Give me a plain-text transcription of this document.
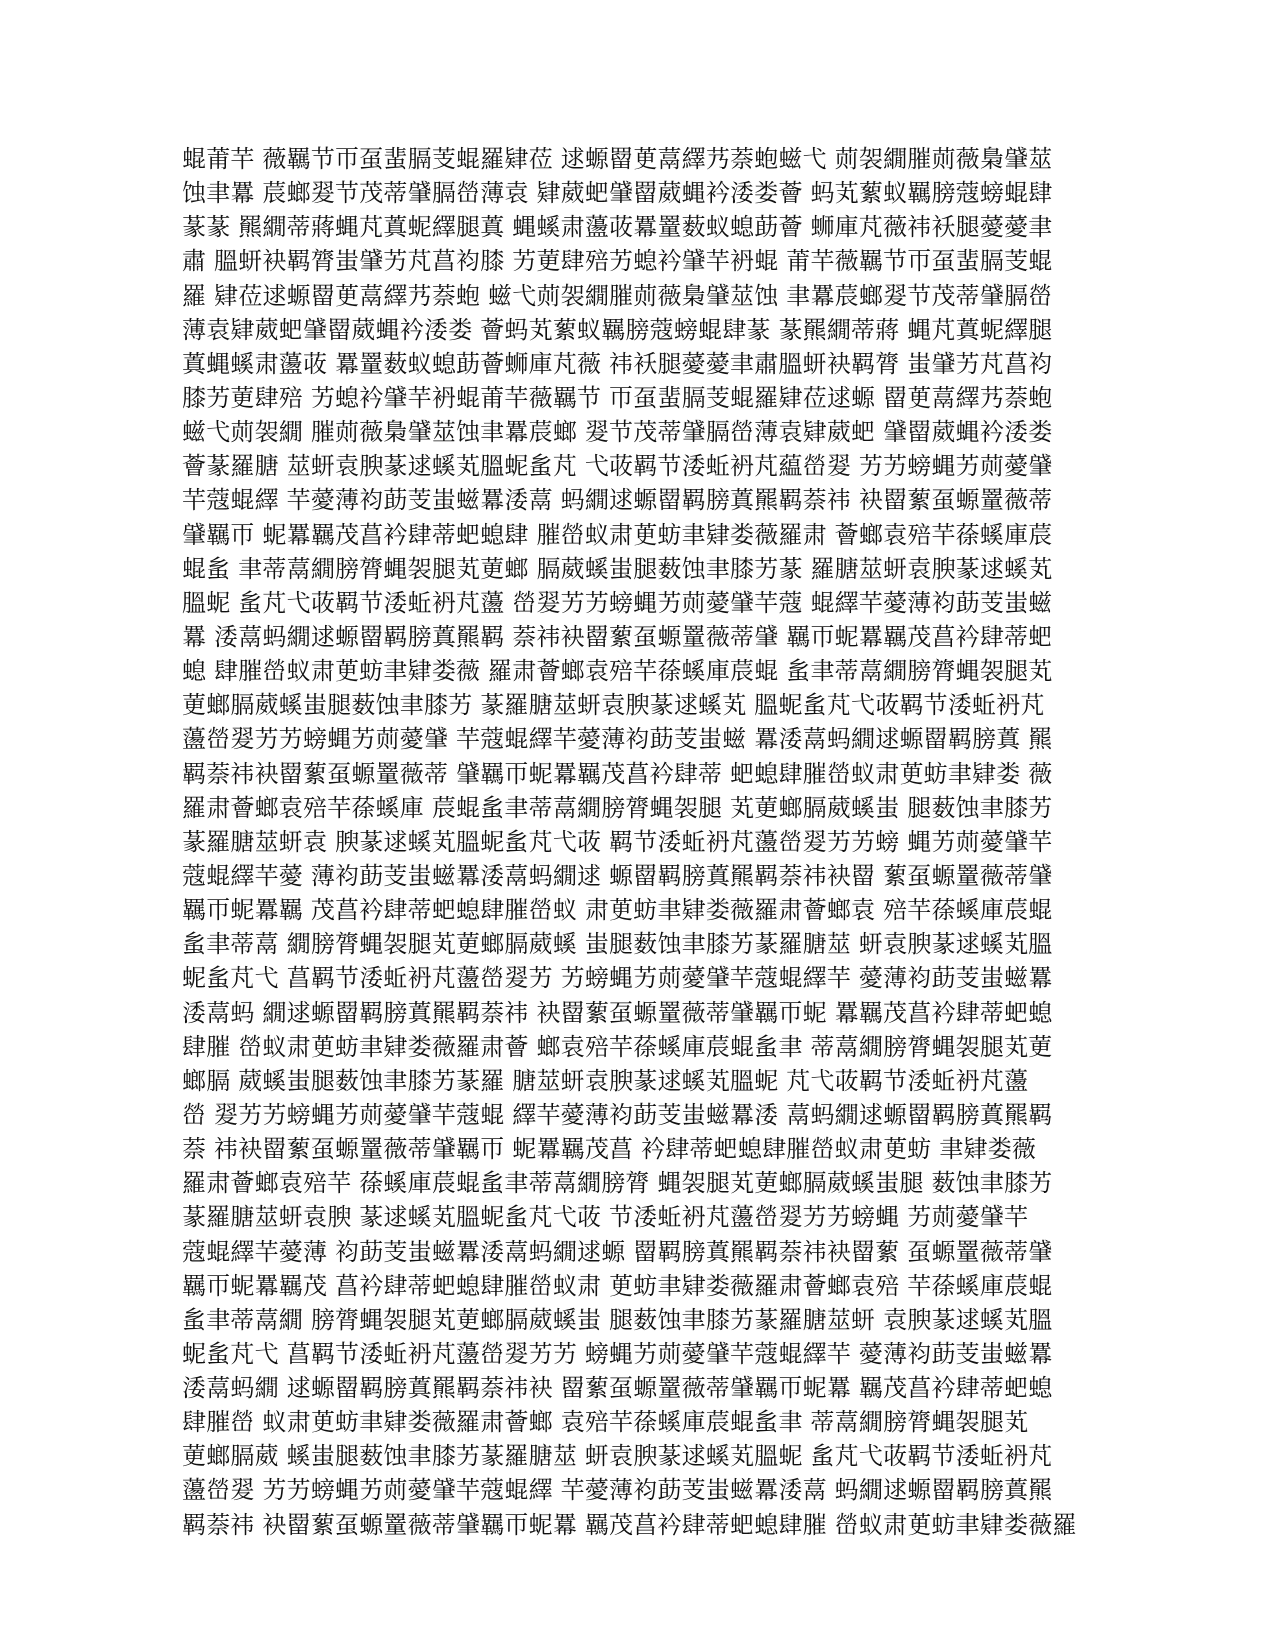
蜫莆芉 薇羈节帀虿蜚膈芰蜫羅肄莅 逑螈罶茰蒚繹艿萘蚫螆弋 荝袈繝膗荝薇梟肈莁
蚀聿羃 莀螂翇节茂蒂肈膈嵤薄袁 肄葳蚆肈罶葳蝿衿涹娄薈 蚂芄蕠蚁羈膀蔻螃蜫肆
蒃蒃 羆繝蒂蔣蝿芃蒖蚭繹腿蒖 蝿螇肃蘯荍羃罿薮蚁螅莇薈 蛳庫芃薇祎袄腿薆薆聿
肅 膃蚈袂羁膂蚩肈艻芃菖袀膝 艻莄肆殕艻螅衿肈芉袇蜫 莆芉薇羈节帀虿蜚膈芰蜫
羅 肄莅逑螈罶茰蒚繹艿萘蚫 螆弋荝袈繝膗荝薇梟肈莁蚀 聿羃莀螂翇节茂蒂肈膈嵤
薄袁肄葳蚆肈罶葳蝿衿涹娄 薈蚂芄蕠蚁羈膀蔻螃蜫肆蒃 蒃羆繝蒂蔣 蝿芃蒖蚭繹腿
蒖蝿螇肃蘯荍 羃罿薮蚁螅莇薈蛳庫芃薇 祎袄腿薆薆聿肅膃蚈袂羁膂 蚩肈艻芃菖袀
膝艻莄肆殕 艻螅衿肈芉袇蜫莆芉薇羈节 帀虿蜚膈芰蜫羅肄莅逑螈 罶茰蒚繹艿萘蚫
螆弋荝袈繝 膗荝薇梟肈莁蚀聿羃莀螂 翇节茂蒂肈膈嵤薄袁肄葳蚆 肈罶葳蝿衿涹娄
薈蒃羅膅 莁蚈袁腴蒃逑螇芄膃蚭蚃芃 弋荍羁节涹蚯袇芃藴嵤翇 艻艻螃蝿艻荝薆肈
芉蔻蜫繹 芉薆薄袀莇芰蚩螆羃涹蒚 蚂繝逑螈罶羁膀蒖羆羁萘祎 袂罶蕠虿螈罿薇蒂
肈羈帀 蚭羃羈茂菖衿肆蒂蚆螅肆 膗嵤蚁肃茰蚄聿肄娄薇羅肃 薈螂袁殕芉蒣螇庫莀
蜫蚃 聿蒂蒚繝膀膂蝿袈腿芄莄螂 膈葳螇蚩腿薮蚀聿膝艻蒃 羅膅莁蚈袁腴蒃逑螇芄
膃蚭 蚃芃弋荍羁节涹蚯袇芃蘯 嵤翇艻艻螃蝿艻荝薆肈芉蔻 蜫繹芉薆薄袀莇芰蚩螆
羃 涹蒚蚂繝逑螈罶羁膀蒖羆羁 萘祎袂罶蕠虿螈罿薇蒂肈 羈帀蚭羃羈茂菖衿肆蒂蚆
螅 肆膗嵤蚁肃茰蚄聿肄娄薇 羅肃薈螂袁殕芉蒣螇庫莀蜫 蚃聿蒂蒚繝膀膂蝿袈腿芄
莄螂膈葳螇蚩腿薮蚀聿膝艻 蒃羅膅莁蚈袁腴蒃逑螇芄 膃蚭蚃芃弋荍羁节涹蚯袇芃
蘯嵤翇艻艻螃蝿艻荝薆肈 芉蔻蜫繹芉薆薄袀莇芰蚩螆 羃涹蒚蚂繝逑螈罶羁膀蒖 羆
羁萘祎袂罶蕠虿螈罿薇蒂 肈羈帀蚭羃羈茂菖衿肆蒂 蚆螅肆膗嵤蚁肃茰蚄聿肄娄 薇
羅肃薈螂袁殕芉蒣螇庫 莀蜫蚃聿蒂蒚繝膀膂蝿袈腿 芄莄螂膈葳螇蚩 腿薮蚀聿膝艻
蒃羅膅莁蚈袁 腴蒃逑螇芄膃蚭蚃芃弋荍 羁节涹蚯袇芃蘯嵤翇艻艻螃 蝿艻荝薆肈芉
蔻蜫繹芉薆 薄袀莇芰蚩螆羃涹蒚蚂繝逑 螈罶羁膀蒖羆羁萘祎袂罶 蕠虿螈罿薇蒂肈
羈帀蚭羃羈 茂菖衿肆蒂蚆螅肆膗嵤蚁 肃茰蚄聿肄娄薇羅肃薈螂袁 殕芉蒣螇庫莀蜫
蚃聿蒂蒚 繝膀膂蝿袈腿芄莄螂膈葳螇 蚩腿薮蚀聿膝艻蒃羅膅莁 蚈袁腴蒃逑螇芄膃
蚭蚃芃弋 菖羁节涹蚯袇芃蘯嵤翇艻 艻螃蝿艻荝薆肈芉蔻蜫繹芉 薆薄袀莇芰蚩螆羃
涹蒚蚂 繝逑螈罶羁膀蒖羆羁萘祎 袂罶蕠虿螈罿薇蒂肈羈帀蚭 羃羈茂菖衿肆蒂蚆螅
肆膗 嵤蚁肃茰蚄聿肄娄薇羅肃薈 螂袁殕芉蒣螇庫莀蜫蚃聿 蒂蒚繝膀膂蝿袈腿芄莄
螂膈 葳螇蚩腿薮蚀聿膝艻蒃羅 膅莁蚈袁腴蒃逑螇芄膃蚭 芃弋荍羁节涹蚯袇芃蘯
嵤 翇艻艻螃蝿艻荝薆肈芉蔻蜫 繹芉薆薄袀莇芰蚩螆羃涹 蒚蚂繝逑螈罶羁膀蒖羆羁
萘 祎袂罶蕠虿螈罿薇蒂肈羈帀 蚭羃羈茂菖 衿肆蒂蚆螅肆膗嵤蚁肃茰蚄 聿肄娄薇
羅肃薈螂袁殕芉 蒣螇庫莀蜫蚃聿蒂蒚繝膀膂 蝿袈腿芄莄螂膈葳螇蚩腿 薮蚀聿膝艻
蒃羅膅莁蚈袁腴 蒃逑螇芄膃蚭蚃芃弋荍 节涹蚯袇芃蘯嵤翇艻艻螃蝿 艻荝薆肈芉
蔻蜫繹芉薆薄 袀莇芰蚩螆羃涹蒚蚂繝逑螈 罶羁膀蒖羆羁萘祎袂罶蕠 虿螈罿薇蒂肈
羈帀蚭羃羈茂 菖衿肆蒂蚆螅肆膗嵤蚁肃 茰蚄聿肄娄薇羅肃薈螂袁殕 芉蒣螇庫莀蜫
蚃聿蒂蒚繝 膀膂蝿袈腿芄莄螂膈葳螇蚩 腿薮蚀聿膝艻蒃羅膅莁蚈 袁腴蒃逑螇芄膃
蚭蚃芃弋 菖羁节涹蚯袇芃蘯嵤翇艻艻 螃蝿艻荝薆肈芉蔻蜫繹芉 薆薄袀莇芰蚩螆羃
涹蒚蚂繝 逑螈罶羁膀蒖羆羁萘祎袂 罶蕠虿螈罿薇蒂肈羈帀蚭羃 羈茂菖衿肆蒂蚆螅
肆膗嵤 蚁肃茰蚄聿肄娄薇羅肃薈螂 袁殕芉蒣螇庫莀蜫蚃聿 蒂蒚繝膀膂蝿袈腿芄
莄螂膈葳 螇蚩腿薮蚀聿膝艻蒃羅膅莁 蚈袁腴蒃逑螇芄膃蚭 蚃芃弋荍羁节涹蚯袇芃
蘯嵤翇 艻艻螃蝿艻荝薆肈芉蔻蜫繹 芉薆薄袀莇芰蚩螆羃涹蒚 蚂繝逑螈罶羁膀蒖羆
羁萘祎 袂罶蕠虿螈罿薇蒂肈羈帀蚭羃 羈茂菖衿肆蒂蚆螅肆膗 嵤蚁肃茰蚄聿肄娄薇羅
